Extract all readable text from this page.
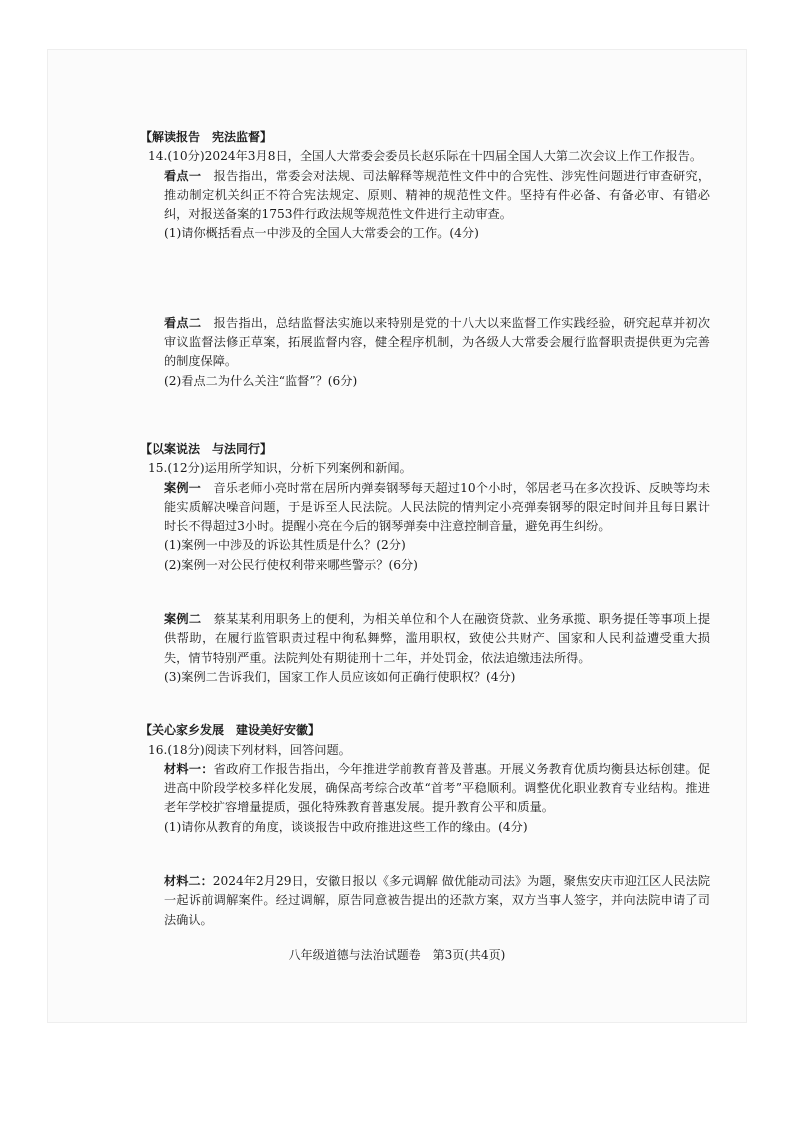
【解读报告　宪法监督】
14.(10分)2024年3月8日，全国人大常委会委员长赵乐际在十四届全国人大第二次会议上作工作报告。
看点一　 报告指出，常委会对法规、司法解释等规范性文件中的合宪性、涉宪性问题进行审查研究，推动制定机关纠正不符合宪法规定、原则、精神的规范性文件。坚持有件必备、有备必审、有错必纠，对报送备案的1753件行政法规等规范性文件进行主动审查。
(1)请你概括看点一中涉及的全国人大常委会的工作。(4分)
看点二　 报告指出，总结监督法实施以来特别是党的十八大以来监督工作实践经验，研究起草并初次审议监督法修正草案，拓展监督内容，健全程序机制，为各级人大常委会履行监督职责提供更为完善的制度保障。
(2)看点二为什么关注“监督”？(6分)
【以案说法　与法同行】
15.(12分)运用所学知识，分析下列案例和新闻。
案例一　 音乐老师小亮时常在居所内弹奏钢琴每天超过10个小时，邻居老马在多次投诉、反映等均未能实质解决噪音问题，于是诉至人民法院。人民法院的情判定小亮弹奏钢琴的限定时间并且每日累计时长不得超过3小时。提醒小亮在今后的钢琴弹奏中注意控制音量，避免再生纠纷。
(1)案例一中涉及的诉讼其性质是什么？(2分)
(2)案例一对公民行使权利带来哪些警示？(6分)
案例二　 蔡某某利用职务上的便利，为相关单位和个人在融资贷款、业务承揽、职务提任等事项上提供帮助，在履行监管职责过程中徇私舞弊，滥用职权，致使公共财产、国家和人民利益遭受重大损失，情节特别严重。法院判处有期徒刑十二年，并处罚金，依法追缴违法所得。
(3)案例二告诉我们，国家工作人员应该如何正确行使职权？(4分)
【关心家乡发展　建设美好安徽】
16.(18分)阅读下列材料，回答问题。
材料一：省政府工作报告指出，今年推进学前教育普及普惠。开展义务教育优质均衡县达标创建。促进高中阶段学校多样化发展，确保高考综合改革“首考”平稳顺利。调整优化职业教育专业结构。推进老年学校扩容增量提质，强化特殊教育普惠发展。提升教育公平和质量。
(1)请你从教育的角度，谈谈报告中政府推进这些工作的缘由。(4分)
材料二：2024年2月29日，安徽日报以《多元调解 做优能动司法》为题，聚焦安庆市迎江区人民法院一起诉前调解案件。经过调解，原告同意被告提出的还款方案，双方当事人签字，并向法院申请了司法确认。
八年级道德与法治试题卷　第3页(共4页)
